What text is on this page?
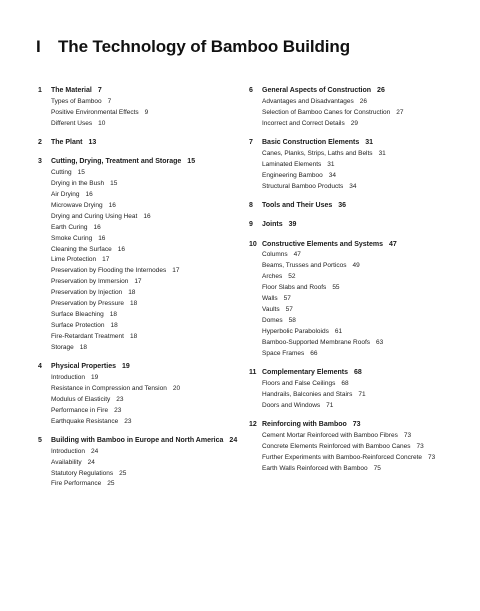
I The Technology of Bamboo Building
1	The Material 7
Types of Bamboo 7
Positive Environmental Effects 9
Different Uses 10
2	The Plant 13
3	Cutting, Drying, Treatment and Storage 15
Cutting 15
Drying in the Bush 15
Air Drying 16
Microwave Drying 16
Drying and Curing Using Heat 16
Earth Curing 16
Smoke Curing 16
Cleaning the Surface 16
Lime Protection 17
Preservation by Flooding the Internodes 17
Preservation by Immersion 17
Preservation by Injection 18
Preservation by Pressure 18
Surface Bleaching 18
Surface Protection 18
Fire-Retardant Treatment 18
Storage 18
4	Physical Properties 19
Introduction 19
Resistance in Compression and Tension 20
Modulus of Elasticity 23
Performance in Fire 23
Earthquake Resistance 23
5	Building with Bamboo in Europe and North America 24
Introduction 24
Availability 24
Statutory Regulations 25
Fire Performance 25
6	General Aspects of Construction 26
Advantages and Disadvantages 26
Selection of Bamboo Canes for Construction 27
Incorrect and Correct Details 29
7	Basic Construction Elements 31
Canes, Planks, Strips, Laths and Belts 31
Laminated Elements 31
Engineering Bamboo 34
Structural Bamboo Products 34
8	Tools and Their Uses 36
9	Joints 39
10 Constructive Elements and Systems 47
Columns 47
Beams, Trusses and Porticos 49
Arches 52
Floor Slabs and Roofs 55
Walls 57
Vaults 57
Domes 58
Hyperbolic Paraboloids 61
Bamboo-Supported Membrane Roofs 63
Space Frames 66
11 Complementary Elements 68
Floors and False Ceilings 68
Handrails, Balconies and Stairs 71
Doors and Windows 71
12 Reinforcing with Bamboo 73
Cement Mortar Reinforced with Bamboo Fibres 73
Concrete Elements Reinforced with Bamboo Canes 73
Further Experiments with Bamboo-Reinforced Concrete 73
Earth Walls Reinforced with Bamboo 75
